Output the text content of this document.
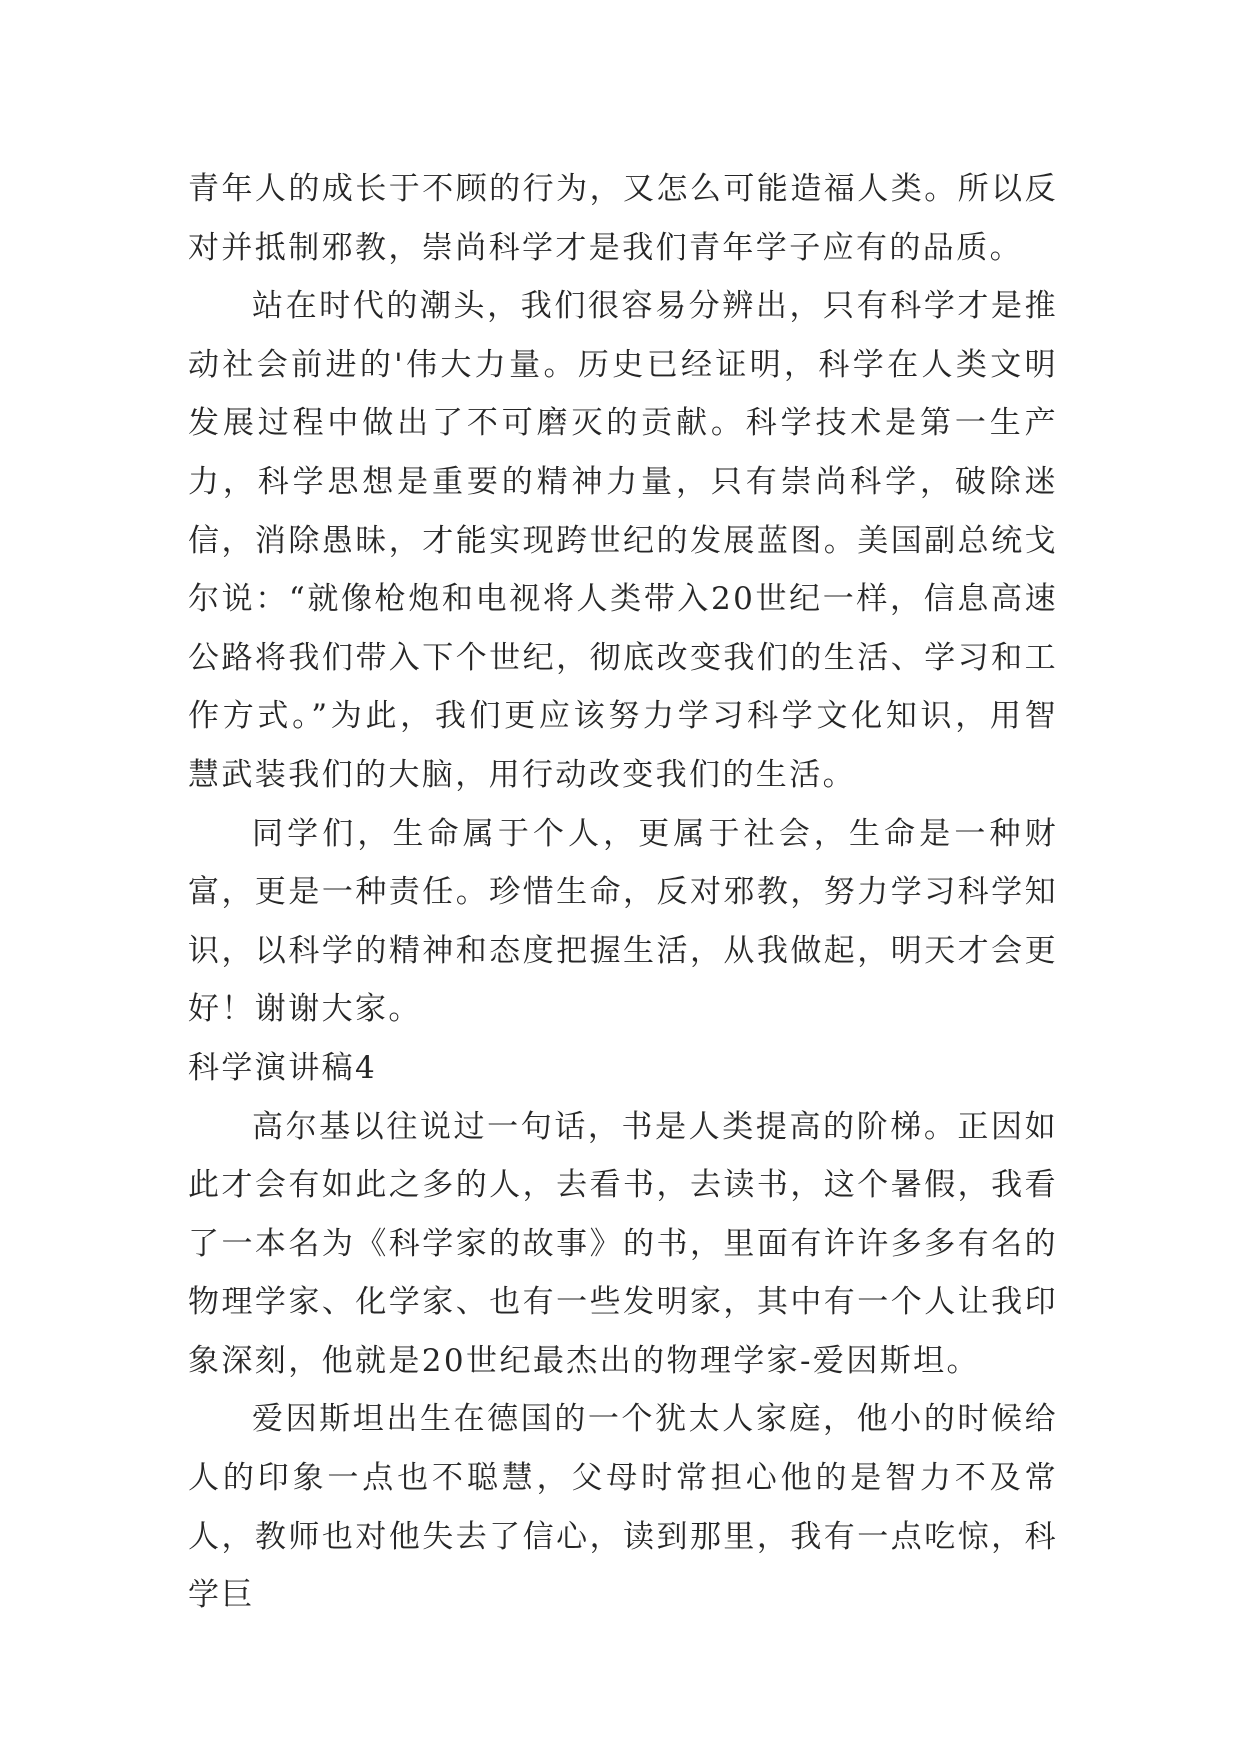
青年人的成长于不顾的行为，又怎么可能造福人类。所以反对并抵制邪教，崇尚科学才是我们青年学子应有的品质。

站在时代的潮头，我们很容易分辨出，只有科学才是推动社会前进的'伟大力量。历史已经证明，科学在人类文明发展过程中做出了不可磨灭的贡献。科学技术是第一生产力，科学思想是重要的精神力量，只有崇尚科学，破除迷信，消除愚昧，才能实现跨世纪的发展蓝图。美国副总统戈尔说：“就像枪炮和电视将人类带入20世纪一样，信息高速公路将我们带入下个世纪，彻底改变我们的生活、学习和工作方式。”为此，我们更应该努力学习科学文化知识，用智慧武装我们的大脑，用行动改变我们的生活。

同学们，生命属于个人，更属于社会，生命是一种财富，更是一种责任。珍惜生命，反对邪教，努力学习科学知识，以科学的精神和态度把握生活，从我做起，明天才会更好！谢谢大家。

科学演讲稿4

高尔基以往说过一句话，书是人类提高的阶梯。正因如此才会有如此之多的人，去看书，去读书，这个暑假，我看了一本名为《科学家的故事》的书，里面有许许多多有名的物理学家、化学家、也有一些发明家，其中有一个人让我印象深刻，他就是20世纪最杰出的物理学家-爱因斯坦。

爱因斯坦出生在德国的一个犹太人家庭，他小的时候给人的印象一点也不聪慧，父母时常担心他的是智力不及常人，教师也对他失去了信心，读到那里，我有一点吃惊，科学巨
